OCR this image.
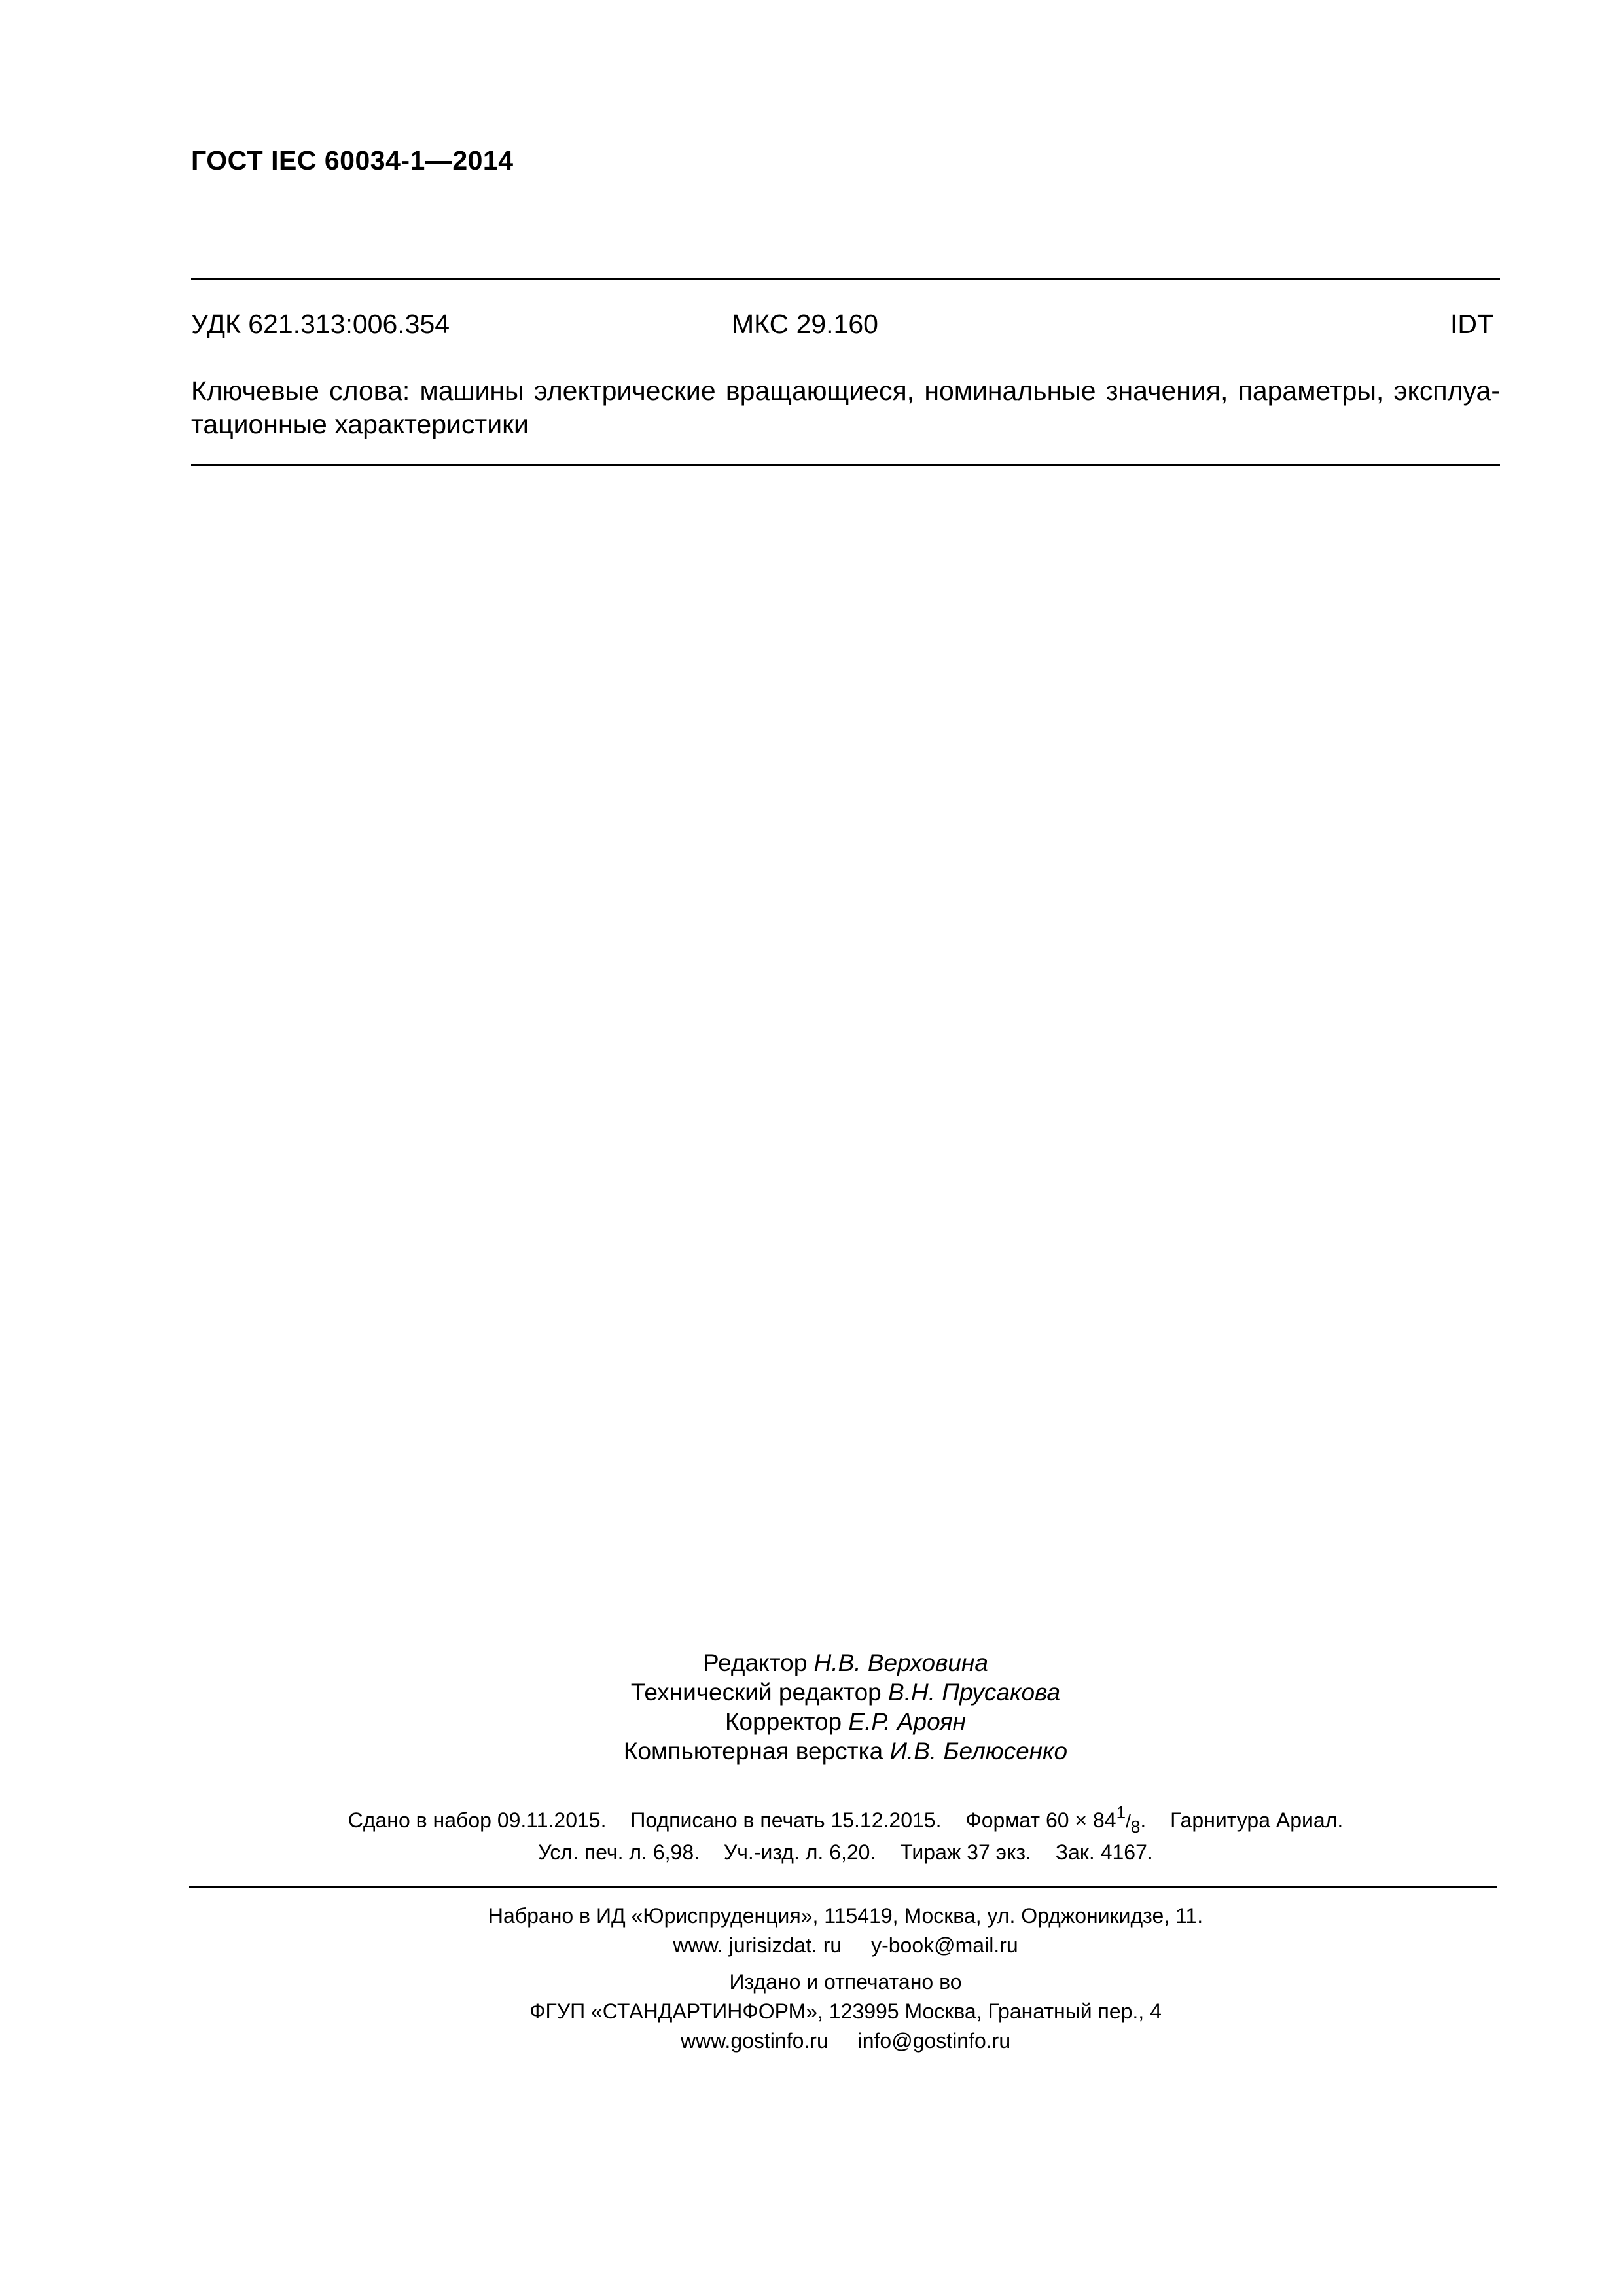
ГОСТ IEC 60034-1—2014
УДК 621.313:006.354	МКС 29.160	IDT
Ключевые слова: машины электрические вращающиеся, номинальные значения, параметры, эксплуа-
тационные характеристики
Редактор Н.В. Верховина
Технический редактор В.Н. Прусакова
Корректор Е.Р. Ароян
Компьютерная верстка И.В. Белюсенко
Сдано в набор 09.11.2015. Подписано в печать 15.12.2015. Формат $60 \times 84^1/_8$. Гарнитура Ариал.
Усл. печ. л. 6,98. Уч.-изд. л. 6,20. Тираж 37 экз. Зак. 4167.
Набрано в ИД «Юриспруденция», 115419, Москва, ул. Орджоникидзе, 11.
www. jurisizdat. ru y-book@mail.ru
Издано и отпечатано во
ФГУП «СТАНДАРТИНФОРМ», 123995 Москва, Гранатный пер., 4
www.gostinfo.ru info@gostinfo.ru
